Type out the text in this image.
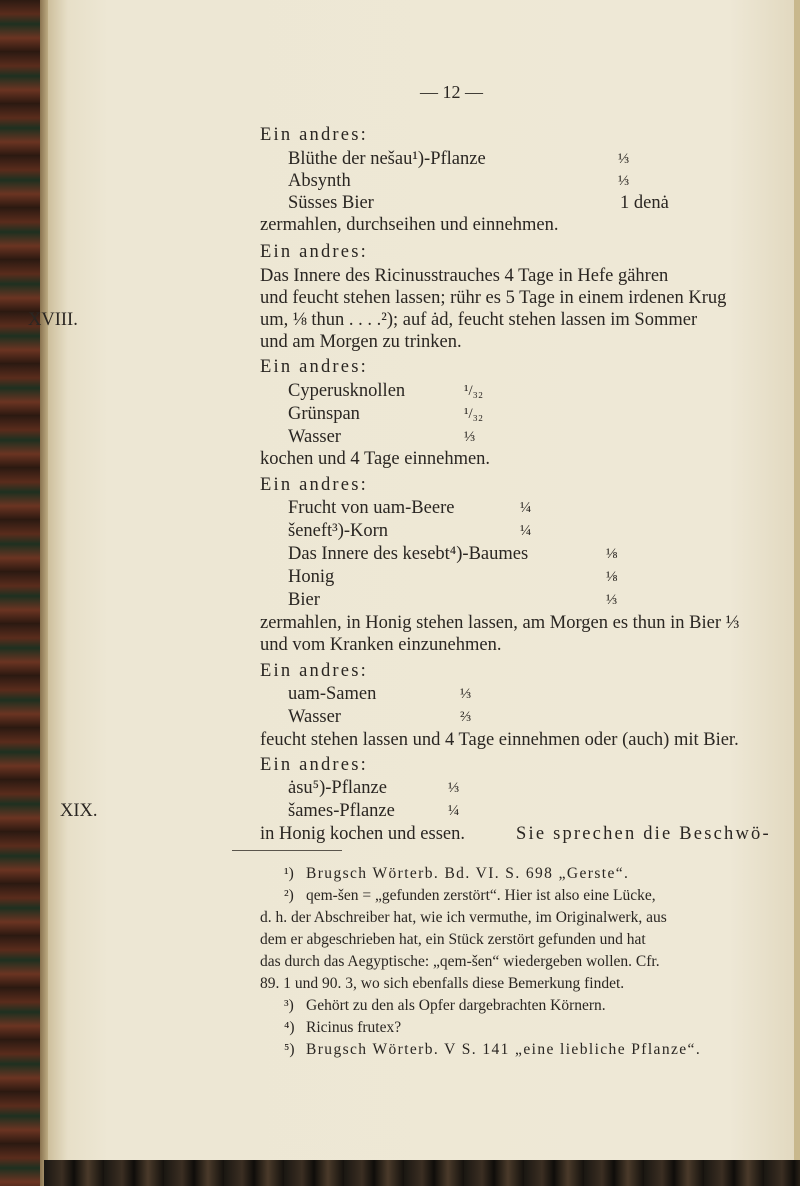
— 12 —
Ein andres:
Blüthe der nešau¹)-Pflanze	⅓
Absynth	⅓
Süsses Bier	1 denȧ
zermahlen, durchseihen und einnehmen.
Ein andres:
Das Innere des Ricinusstrauches 4 Tage in Hefe gähren
und feucht stehen lassen; rühr es 5 Tage in einem irdenen Krug
XVIII.	um, ⅛ thun . . . .²); auf ȧd, feucht stehen lassen im Sommer
und am Morgen zu trinken.
Ein andres:
Cyperusknollen	¹/₃₂
Grünspan	¹/₃₂
Wasser	⅓
kochen und 4 Tage einnehmen.
Ein andres:
Frucht von uam-Beere	¼
šeneft³)-Korn	¼
Das Innere des kesebt⁴)-Baumes	⅛
Honig	⅛
Bier	⅓
zermahlen, in Honig stehen lassen, am Morgen es thun in Bier ⅓
und vom Kranken einzunehmen.
Ein andres:
uam-Samen	⅓
Wasser	⅔
feucht stehen lassen und 4 Tage einnehmen oder (auch) mit Bier.
Ein andres:
ȧsu⁵)-Pflanze	⅓
XIX.	šames-Pflanze	¼
in Honig kochen und essen.	Sie sprechen die Beschwö-
¹) Brugsch Wörterb. Bd. VI. S. 698 „Gerste“.
²) qem-šen = „gefunden zerstört“. Hier ist also eine Lücke,
d. h. der Abschreiber hat, wie ich vermuthe, im Originalwerk, aus
dem er abgeschrieben hat, ein Stück zerstört gefunden und hat
das durch das Aegyptische: „qem-šen“ wiedergeben wollen. Cfr.
89. 1 und 90. 3, wo sich ebenfalls diese Bemerkung findet.
³) Gehört zu den als Opfer dargebrachten Körnern.
⁴) Ricinus frutex?
⁵) Brugsch Wörterb. V S. 141 „eine liebliche Pflanze“.
